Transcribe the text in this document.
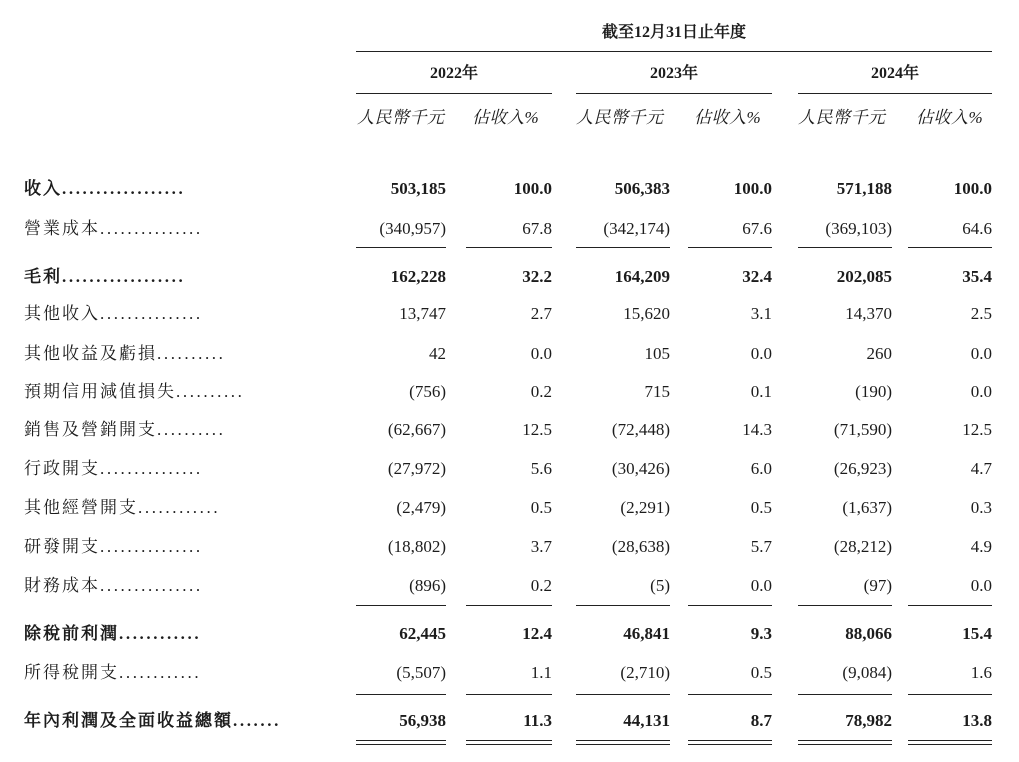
截至12月31日止年度
2022年	2023年	2024年
人民幣千元 佔收入% 人民幣千元 佔收入% 人民幣千元 佔收入%
收入..................	503,185	100.0	506,383	100.0	571,188	100.0
營業成本...............	(340,957)	67.8	(342,174)	67.6	(369,103)	64.6
毛利..................	162,228	32.2	164,209	32.4	202,085	35.4
其他收入...............	13,747	2.7	15,620	3.1	14,370	2.5
其他收益及虧損..........	42	0.0	105	0.0	260	0.0
預期信用減值損失..........	(756)	0.2	715	0.1	(190)	0.0
銷售及營銷開支..........	(62,667)	12.5	(72,448)	14.3	(71,590)	12.5
行政開支...............	(27,972)	5.6	(30,426)	6.0	(26,923)	4.7
其他經營開支............	(2,479)	0.5	(2,291)	0.5	(1,637)	0.3
研發開支...............	(18,802)	3.7	(28,638)	5.7	(28,212)	4.9
財務成本...............	(896)	0.2	(5)	0.0	(97)	0.0
除稅前利潤............	62,445	12.4	46,841	9.3	88,066	15.4
所得稅開支............	(5,507)	1.1	(2,710)	0.5	(9,084)	1.6
年內利潤及全面收益總額.......	56,938	11.3	44,131	8.7	78,982	13.8
